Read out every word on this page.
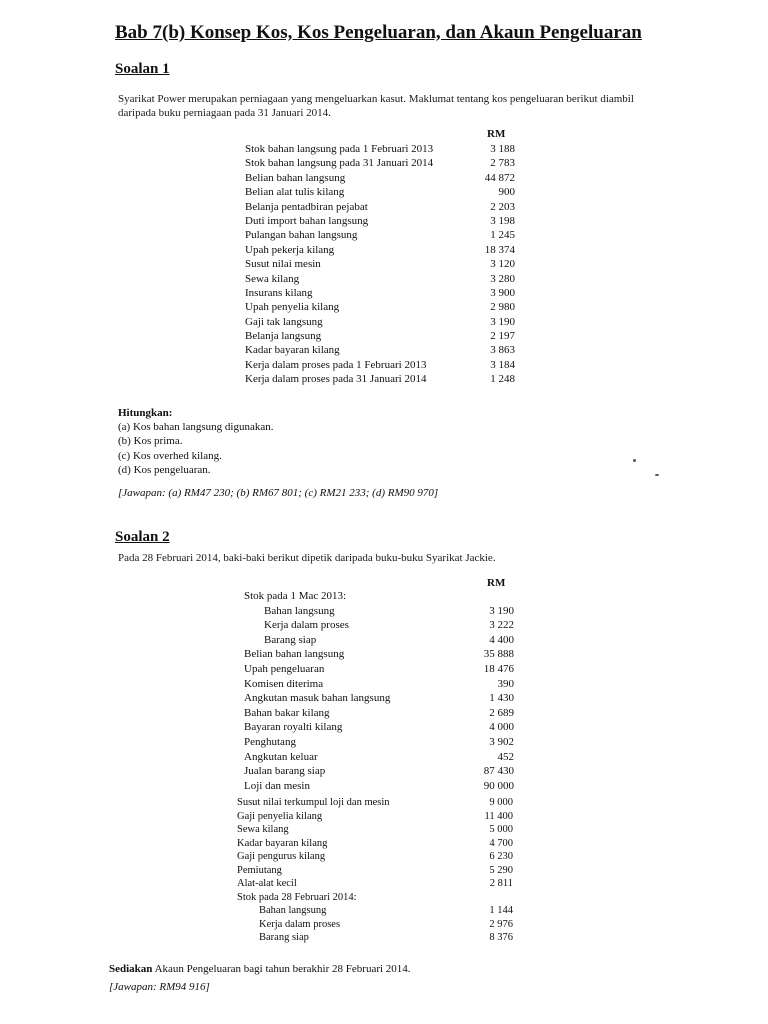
Bab 7(b) Konsep Kos, Kos Pengeluaran, dan Akaun Pengeluaran
Soalan 1
Syarikat Power merupakan perniagaan yang mengeluarkan kasut. Maklumat tentang kos pengeluaran berikut diambil daripada buku perniagaan pada 31 Januari 2014.
RM
Stok bahan langsung pada 1 Februari 2013	3 188
Stok bahan langsung pada 31 Januari 2014	2 783
Belian bahan langsung	44 872
Belian alat tulis kilang	900
Belanja pentadbiran pejabat	2 203
Duti import bahan langsung	3 198
Pulangan bahan langsung	1 245
Upah pekerja kilang	18 374
Susut nilai mesin	3 120
Sewa kilang	3 280
Insurans kilang	3 900
Upah penyelia kilang	2 980
Gaji tak langsung	3 190
Belanja langsung	2 197
Kadar bayaran kilang	3 863
Kerja dalam proses pada 1 Februari 2013	3 184
Kerja dalam proses pada 31 Januari 2014	1 248
Hitungkan:
(a) Kos bahan langsung digunakan.
(b) Kos prima.
(c) Kos overhed kilang.
(d) Kos pengeluaran.
[Jawapan: (a) RM47 230; (b) RM67 801; (c) RM21 233; (d) RM90 970]
Soalan 2
Pada 28 Februari 2014, baki-baki berikut dipetik daripada buku-buku Syarikat Jackie.
RM
Stok pada 1 Mac 2013:
Bahan langsung	3 190
Kerja dalam proses	3 222
Barang siap	4 400
Belian bahan langsung	35 888
Upah pengeluaran	18 476
Komisen diterima	390
Angkutan masuk bahan langsung	1 430
Bahan bakar kilang	2 689
Bayaran royalti kilang	4 000
Penghutang	3 902
Angkutan keluar	452
Jualan barang siap	87 430
Loji dan mesin	90 000
Susut nilai terkumpul loji dan mesin	9 000
Gaji penyelia kilang	11 400
Sewa kilang	5 000
Kadar bayaran kilang	4 700
Gaji pengurus kilang	6 230
Pemiutang	5 290
Alat-alat kecil	2 811
Stok pada 28 Februari 2014:
Bahan langsung	1 144
Kerja dalam proses	2 976
Barang siap	8 376
Sediakan Akaun Pengeluaran bagi tahun berakhir 28 Februari 2014.
[Jawapan: RM94 916]
